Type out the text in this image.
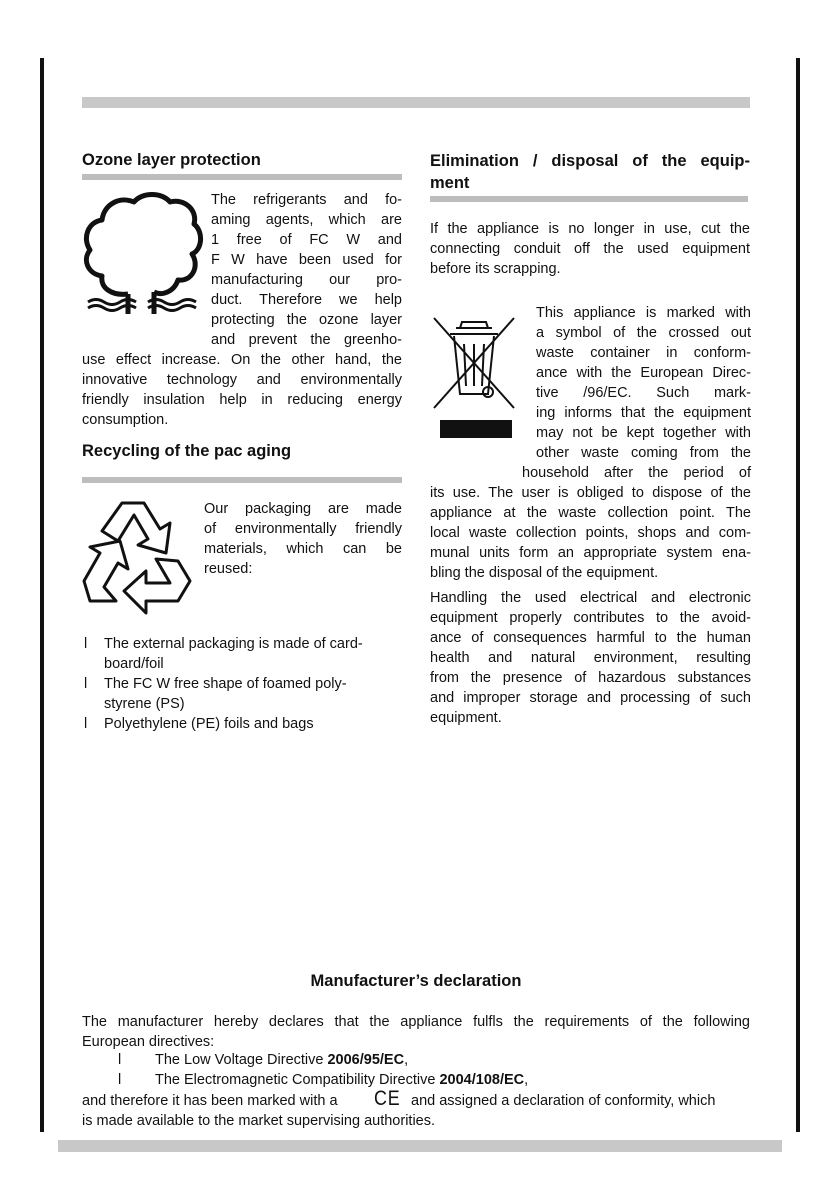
Ozone layer protection
The refrigerants and fo-
aming agents, which are
1 free of FC W and
F W have been used for
manufacturing our pro-
duct. Therefore we help
protecting the ozone layer
and prevent the greenho-
use effect increase. On the other hand, the
innovative technology and environmentally
friendly insulation help in reducing energy
consumption.
Recycling of the pac aging
Our packaging are made
of environmentally friendly
materials, which can be
reused:
l The external packaging is made of card-
board/foil
l The FC W free shape of foamed poly-
styrene (PS)
l Polyethylene (PE) foils and bags
Elimination / disposal of the equip-
ment
If the appliance is no longer in use, cut the
connecting conduit off the used equipment
before its scrapping.
This appliance is marked with
a symbol of the crossed out
waste container in conform-
ance with the European Direc-
tive /96/EC. Such mark-
ing informs that the equipment
may not be kept together with
other waste coming from the
household after the period of
its use. The user is obliged to dispose of the
appliance at the waste collection point. The
local waste collection points, shops and com-
munal units form an appropriate system ena-
bling the disposal of the equipment.
Handling the used electrical and electronic
equipment properly contributes to the avoid-
ance of consequences harmful to the human
health and natural environment, resulting
from the presence of hazardous substances
and improper storage and processing of such
equipment.
Manufacturer’s declaration
The manufacturer hereby declares that the appliance fulfls the requirements of the following
European directives:
l The Low Voltage Directive 2006/95/EC,
l The Electromagnetic Compatibility Directive 2004/108/EC,
and therefore it has been marked with a CE and assigned a declaration of conformity, which
is made available to the market supervising authorities.
